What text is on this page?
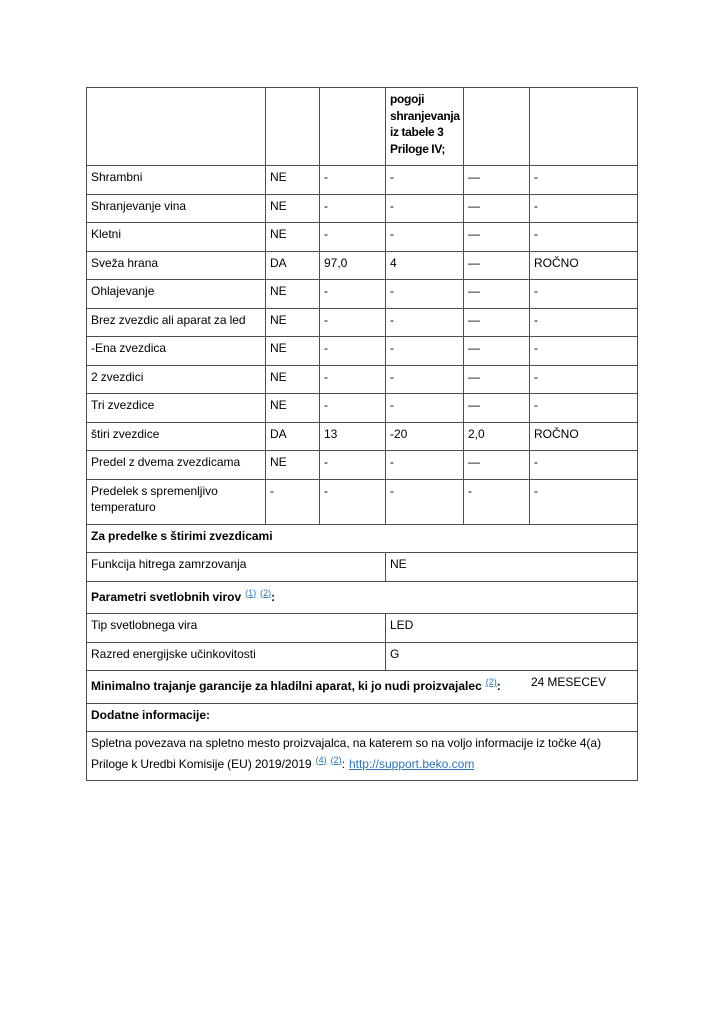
			pogoji shranjevanja iz tabele 3 Priloge IV;		
Shrambni	NE	-	-	—	-
Shranjevanje vina	NE	-	-	—	-
Kletni	NE	-	-	—	-
Sveža hrana	DA	97,0	4	—	ROČNO
Ohlajevanje	NE	-	-	—	-
Brez zvezdic ali aparat za led	NE	-	-	—	-
-Ena zvezdica	NE	-	-	—	-
2 zvezdici	NE	-	-	—	-
Tri zvezdice	NE	-	-	—	-
štiri zvezdice	DA	13	-20	2,0	ROČNO
Predel z dvema zvezdicama	NE	-	-	—	-
Predelek s spremenljivo temperaturo	-	-	-	-	-
Za predelke s štirimi zvezdicami					
Funkcija hitrega zamrzovanja			NE		
Parametri svetlobnih virov $^{(1)}$ $^{(2)}$:					
Tip svetlobnega vira			LED		
Razred energijske učinkovitosti			G		
Minimalno trajanje garancije za hladilni aparat, ki jo nudi proizvajalec $^{(2)}$: 24 MESECEV					

Dodatne informacije:					
Spletna povezava na spletno mesto proizvajalca, na katerem so na voljo informacije iz točke 4(a) Priloge k Uredbi Komisije (EU) 2019/2019 $^{(4)}$ $^{(2)}$: http://support.beko.com					
